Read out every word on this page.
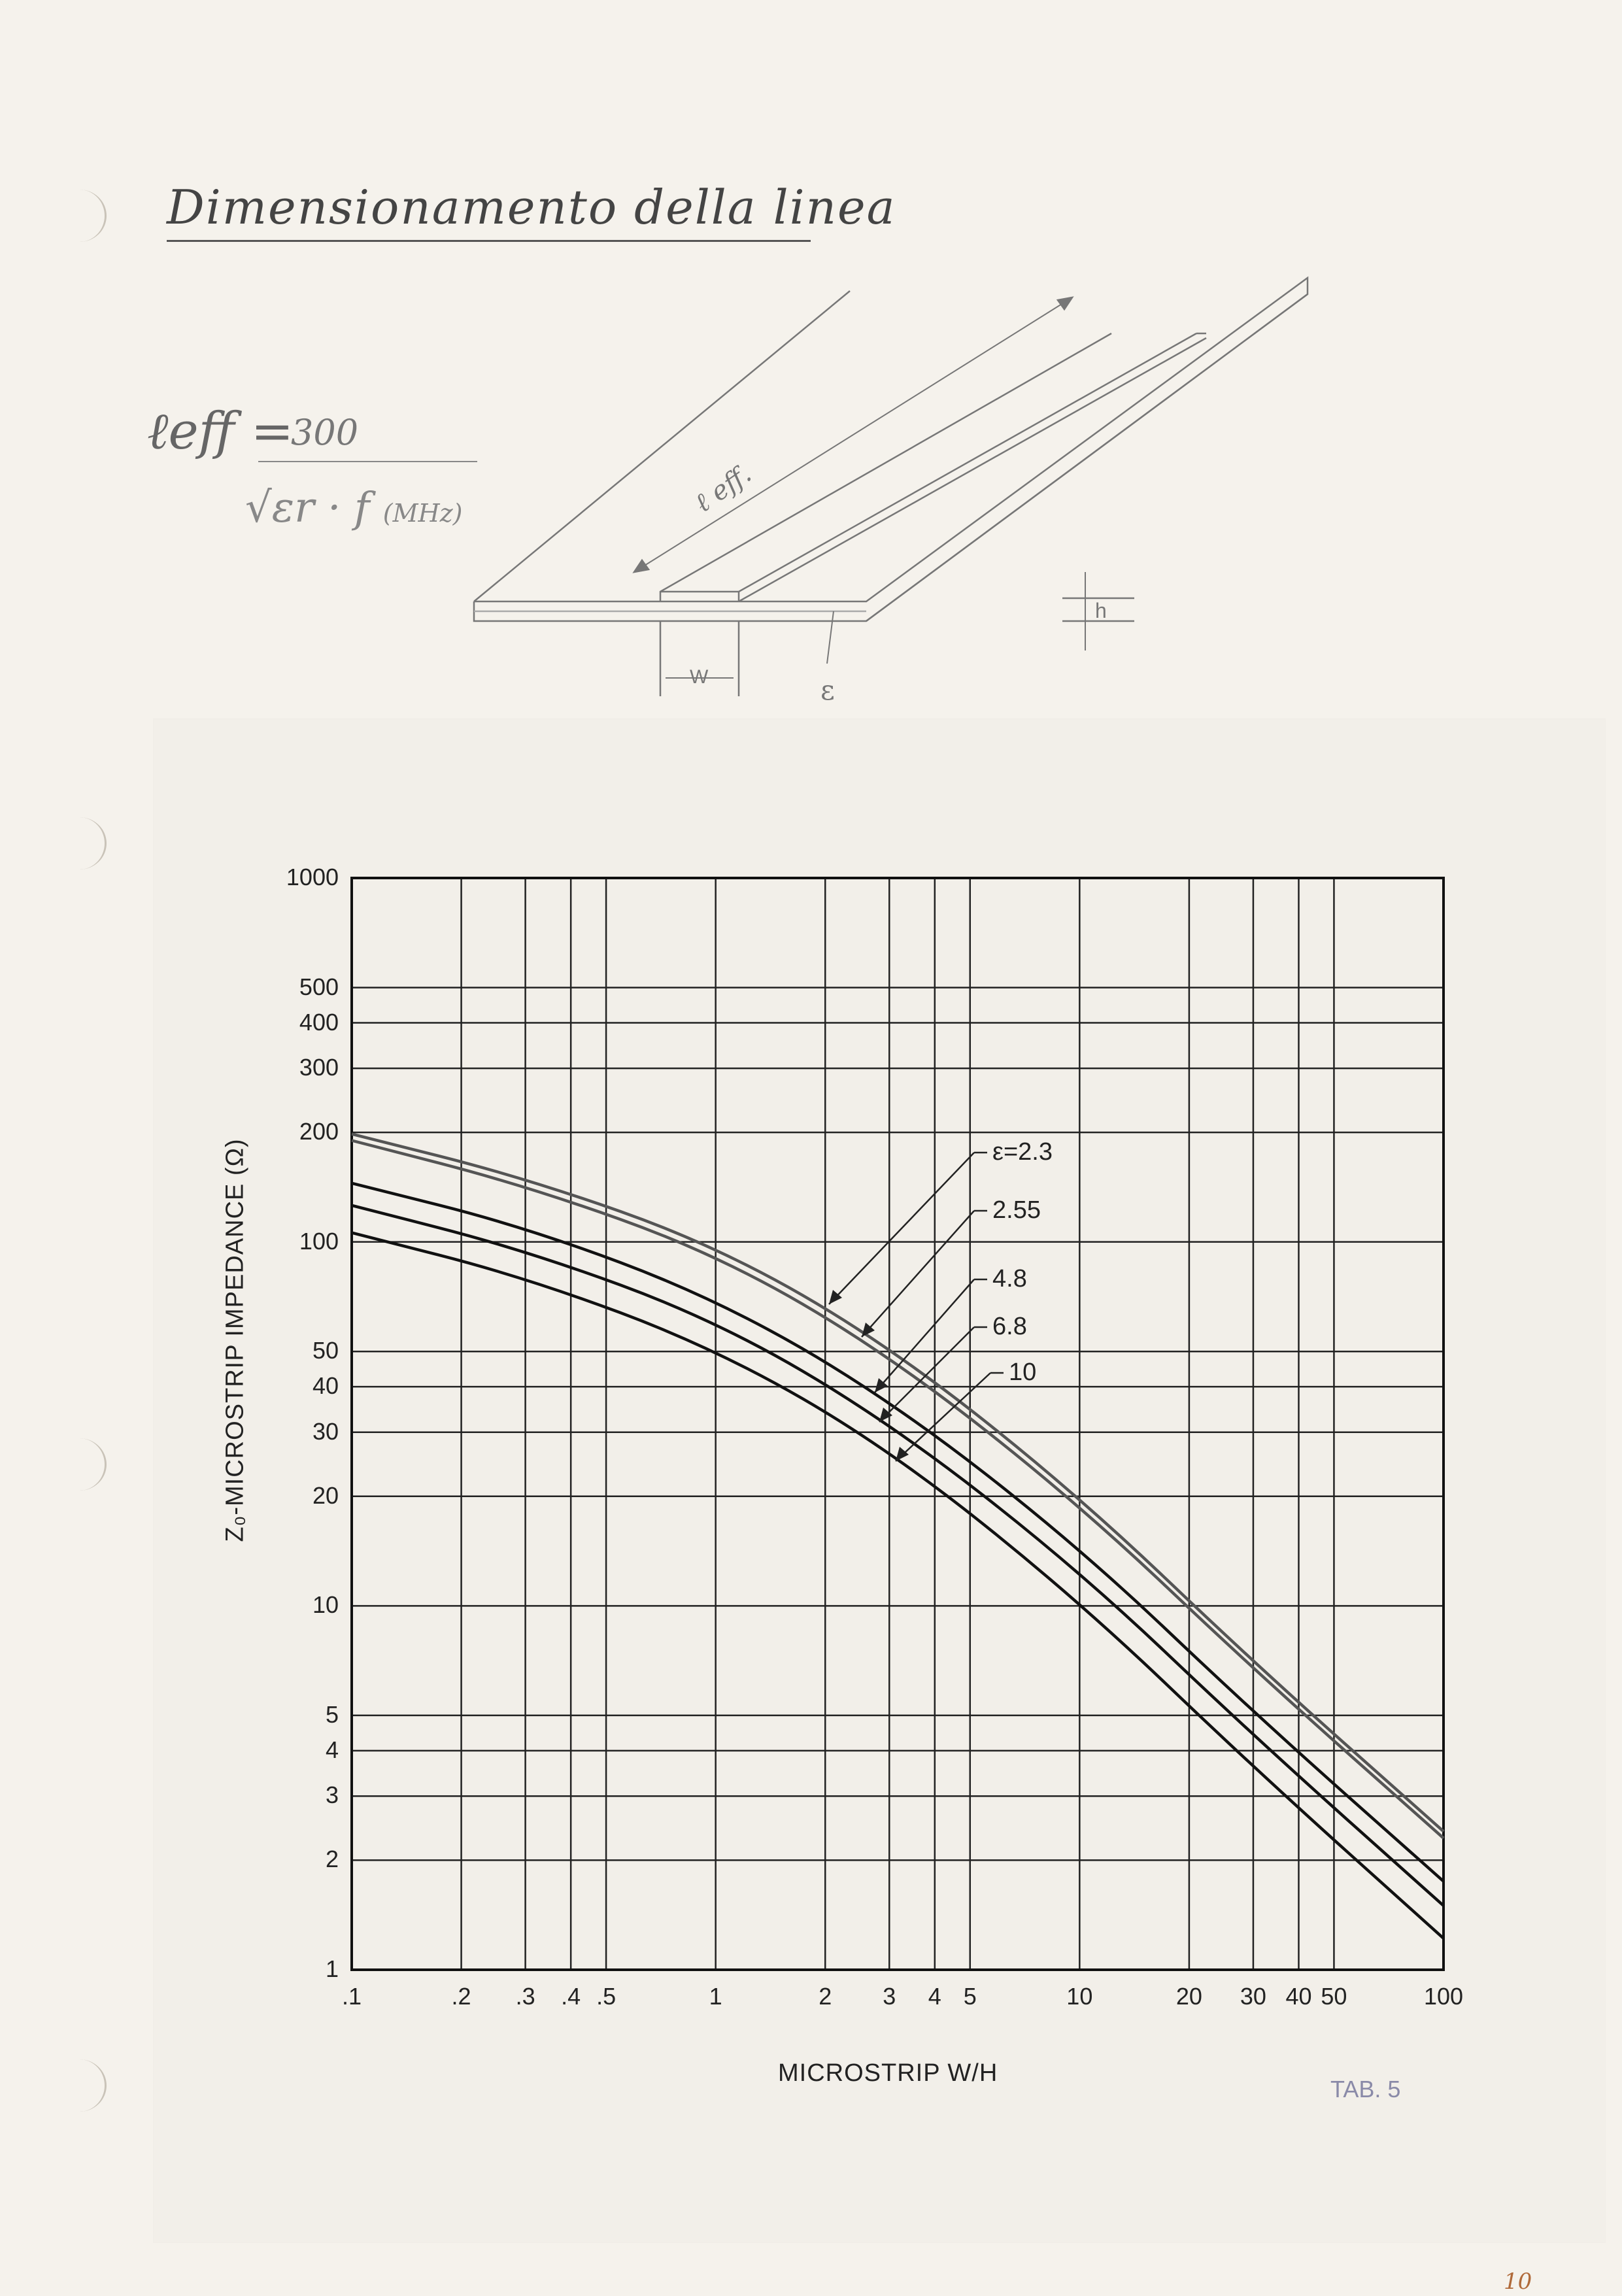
Dimensionamento della linea
ℓeff =
300
√εr · f (MHz)	ℓ eff.
W
h
ε
1
2
3
4
5
10
20
30
40
50
100
200
300
400
500
1000
.1	.2	.3	.4 .5	1	2	3	4 5	10	20	30 40 50	100
ε=2.3
2.55
4.8
6.8
10
Z₀-MICROSTRIP IMPEDANCE (Ω)
MICROSTRIP W/H
TAB. 5
10
